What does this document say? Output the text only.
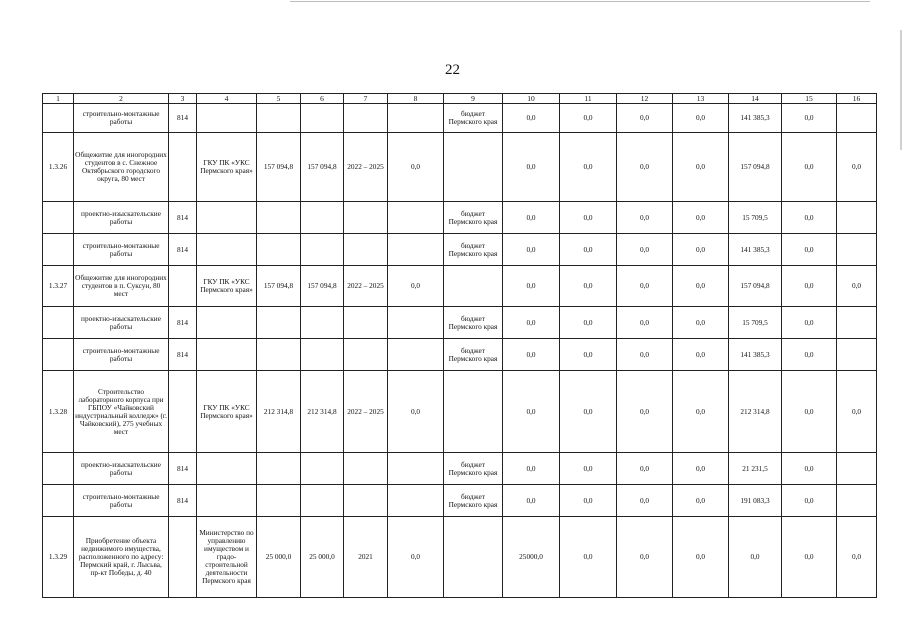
22
1	2	3	4	5	6	7	8	9	10	11	12	13	14	15	16
	строительно-монтажные работы	814						бюджет Пермского края	0,0	0,0	0,0	0,0	141 385,3	0,0	
1.3.26	Общежитие для иногородних студентов в с. Снежное Октябрьского городского округа, 80 мест		ГКУ ПК «УКС Пермского края»	157 094,8	157 094,8	2022 – 2025	0,0		0,0	0,0	0,0	0,0	157 094,8	0,0	0,0
	проектно-изыскательские работы	814						бюджет Пермского края	0,0	0,0	0,0	0,0	15 709,5	0,0	
	строительно-монтажные работы	814						бюджет Пермского края	0,0	0,0	0,0	0,0	141 385,3	0,0	
1.3.27	Общежитие для иногородних студентов в п. Суксун, 80 мест		ГКУ ПК «УКС Пермского края»	157 094,8	157 094,8	2022 – 2025	0,0		0,0	0,0	0,0	0,0	157 094,8	0,0	0,0
	проектно-изыскательские работы	814						бюджет Пермского края	0,0	0,0	0,0	0,0	15 709,5	0,0	
	строительно-монтажные работы	814						бюджет Пермского края	0,0	0,0	0,0	0,0	141 385,3	0,0	
1.3.28	Строительство лабораторного корпуса при ГБПОУ «Чайковский индустриальный колледж» (г. Чайковский), 275 учебных мест		ГКУ ПК «УКС Пермского края»	212 314,8	212 314,8	2022 – 2025	0,0		0,0	0,0	0,0	0,0	212 314,8	0,0	0,0
	проектно-изыскательские работы	814						бюджет Пермского края	0,0	0,0	0,0	0,0	21 231,5	0,0	
	строительно-монтажные работы	814						бюджет Пермского края	0,0	0,0	0,0	0,0	191 083,3	0,0	
1.3.29	Приобретение объекта недвижимого имущества, расположенного по адресу: Пермский край, г. Лысьва, пр-кт Победы, д. 40		Министерство по управлению имуществом и градо-строительной деятельности Пермского края	25 000,0	25 000,0	2021	0,0		25000,0	0,0	0,0	0,0	0,0	0,0	0,0
